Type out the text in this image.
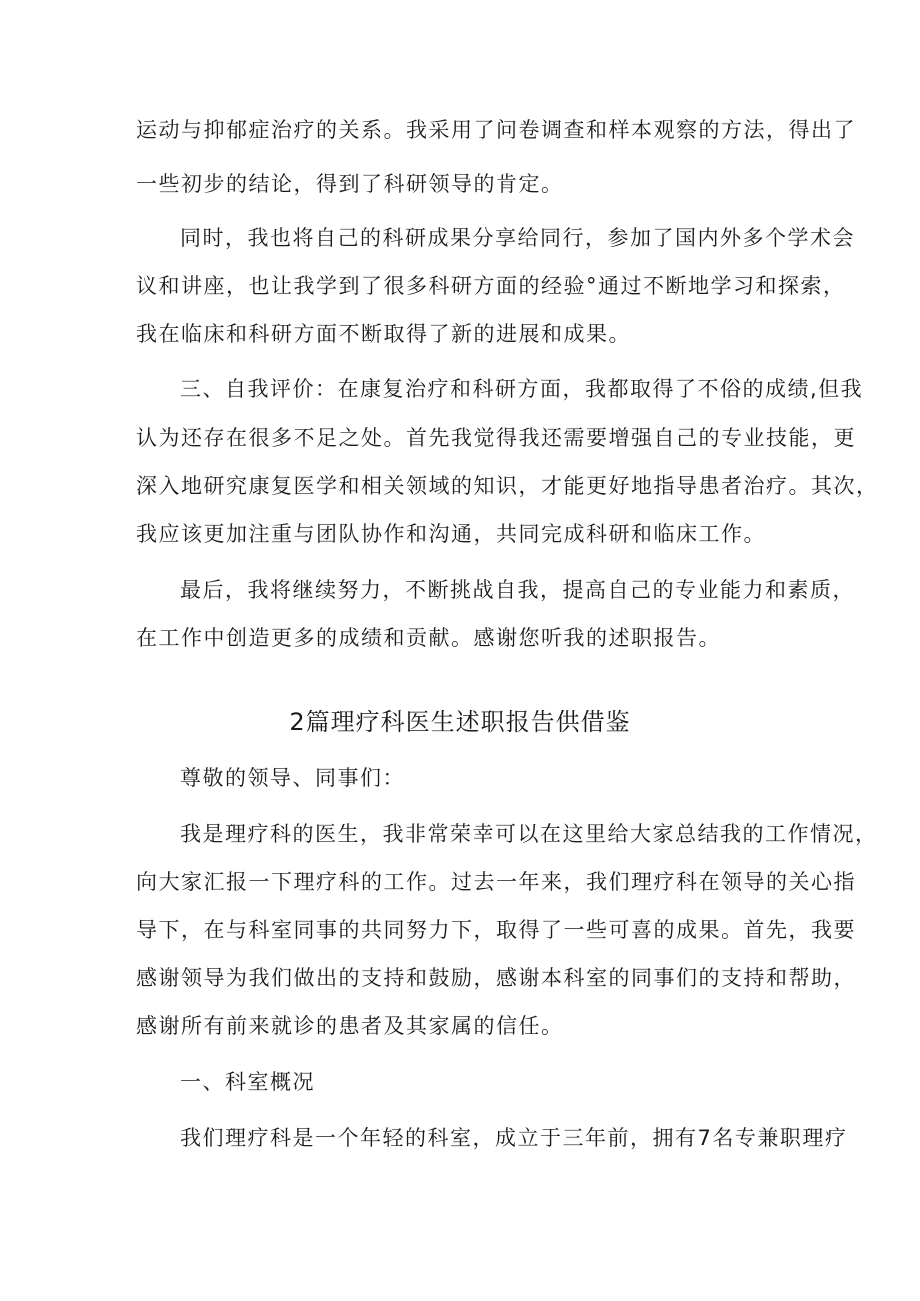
运动与抑郁症治疗的关系。我采用了问卷调查和样本观察的方法，得出了
一些初步的结论，得到了科研领导的肯定。
同时，我也将自己的科研成果分享给同行，参加了国内外多个学术会
议和讲座，也让我学到了很多科研方面的经验°通过不断地学习和探索，
我在临床和科研方面不断取得了新的进展和成果。
三、自我评价：在康复治疗和科研方面，我都取得了不俗的成绩,但我
认为还存在很多不足之处。首先我觉得我还需要增强自己的专业技能，更
深入地研究康复医学和相关领域的知识，才能更好地指导患者治疗。其次，
我应该更加注重与团队协作和沟通，共同完成科研和临床工作。
最后，我将继续努力，不断挑战自我，提高自己的专业能力和素质，
在工作中创造更多的成绩和贡献。感谢您听我的述职报告。
2篇理疗科医生述职报告供借鉴
尊敬的领导、同事们：
我是理疗科的医生，我非常荣幸可以在这里给大家总结我的工作情况，
向大家汇报一下理疗科的工作。过去一年来，我们理疗科在领导的关心指
导下，在与科室同事的共同努力下，取得了一些可喜的成果。首先，我要
感谢领导为我们做出的支持和鼓励，感谢本科室的同事们的支持和帮助，
感谢所有前来就诊的患者及其家属的信任。
一、科室概况
我们理疗科是一个年轻的科室，成立于三年前，拥有7名专兼职理疗
